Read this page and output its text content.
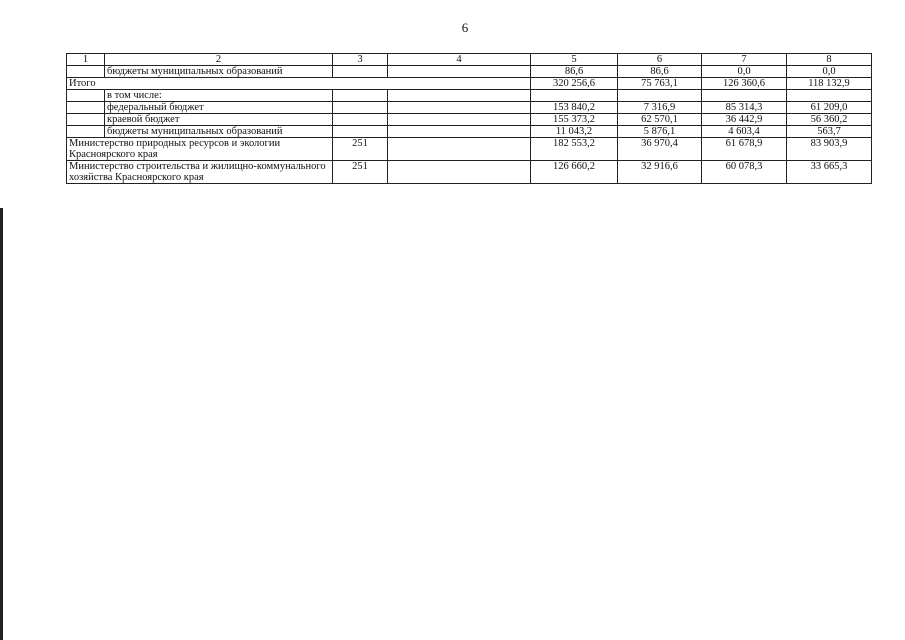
6
1	2	3	4	5	6	7	8
	бюджеты муниципальных образований			86,6	86,6	0,0	0,0
Итого				320 256,6	75 763,1	126 360,6	118 132,9
	в том числе:						
	федеральный бюджет			153 840,2	7 316,9	85 314,3	61 209,0
	краевой бюджет			155 373,2	62 570,1	36 442,9	56 360,2
	бюджеты муниципальных образований			11 043,2	5 876,1	4 603,4	563,7
Министерство природных ресурсов и экологии Красноярского края		251		182 553,2	36 970,4	61 678,9	83 903,9
Министерство строительства и жилищно-коммунального хозяйства Красноярского края		251		126 660,2	32 916,6	60 078,3	33 665,3
